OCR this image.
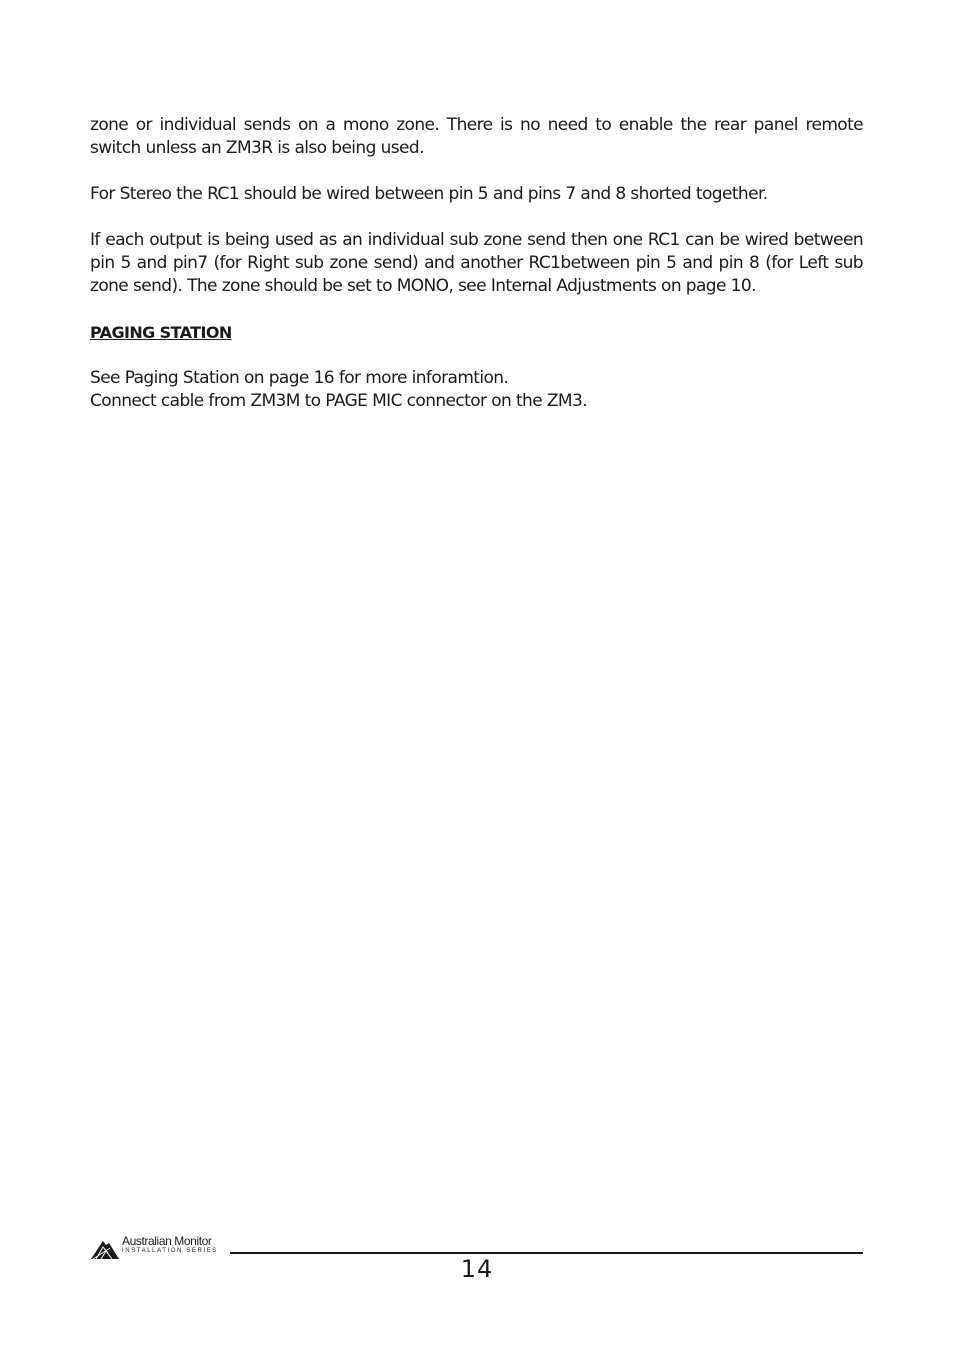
zone or individual sends on a mono zone. There is no need to enable the rear panel remote switch unless an ZM3R is also being used.

For Stereo the RC1 should be wired between pin 5 and pins 7 and 8 shorted together.

If each output is being used as an individual sub zone send then one RC1 can be wired between pin 5 and pin7 (for Right sub zone send) and another RC1between pin 5 and pin 8 (for Left sub zone send). The zone should be set to MONO, see Internal Adjustments on page 10.

PAGING STATION

See Paging Station on page 16 for more inforamtion.
Connect cable from ZM3M to PAGE MIC connector on the ZM3.

Australian Monitor
INSTALLATION SERIES
14
